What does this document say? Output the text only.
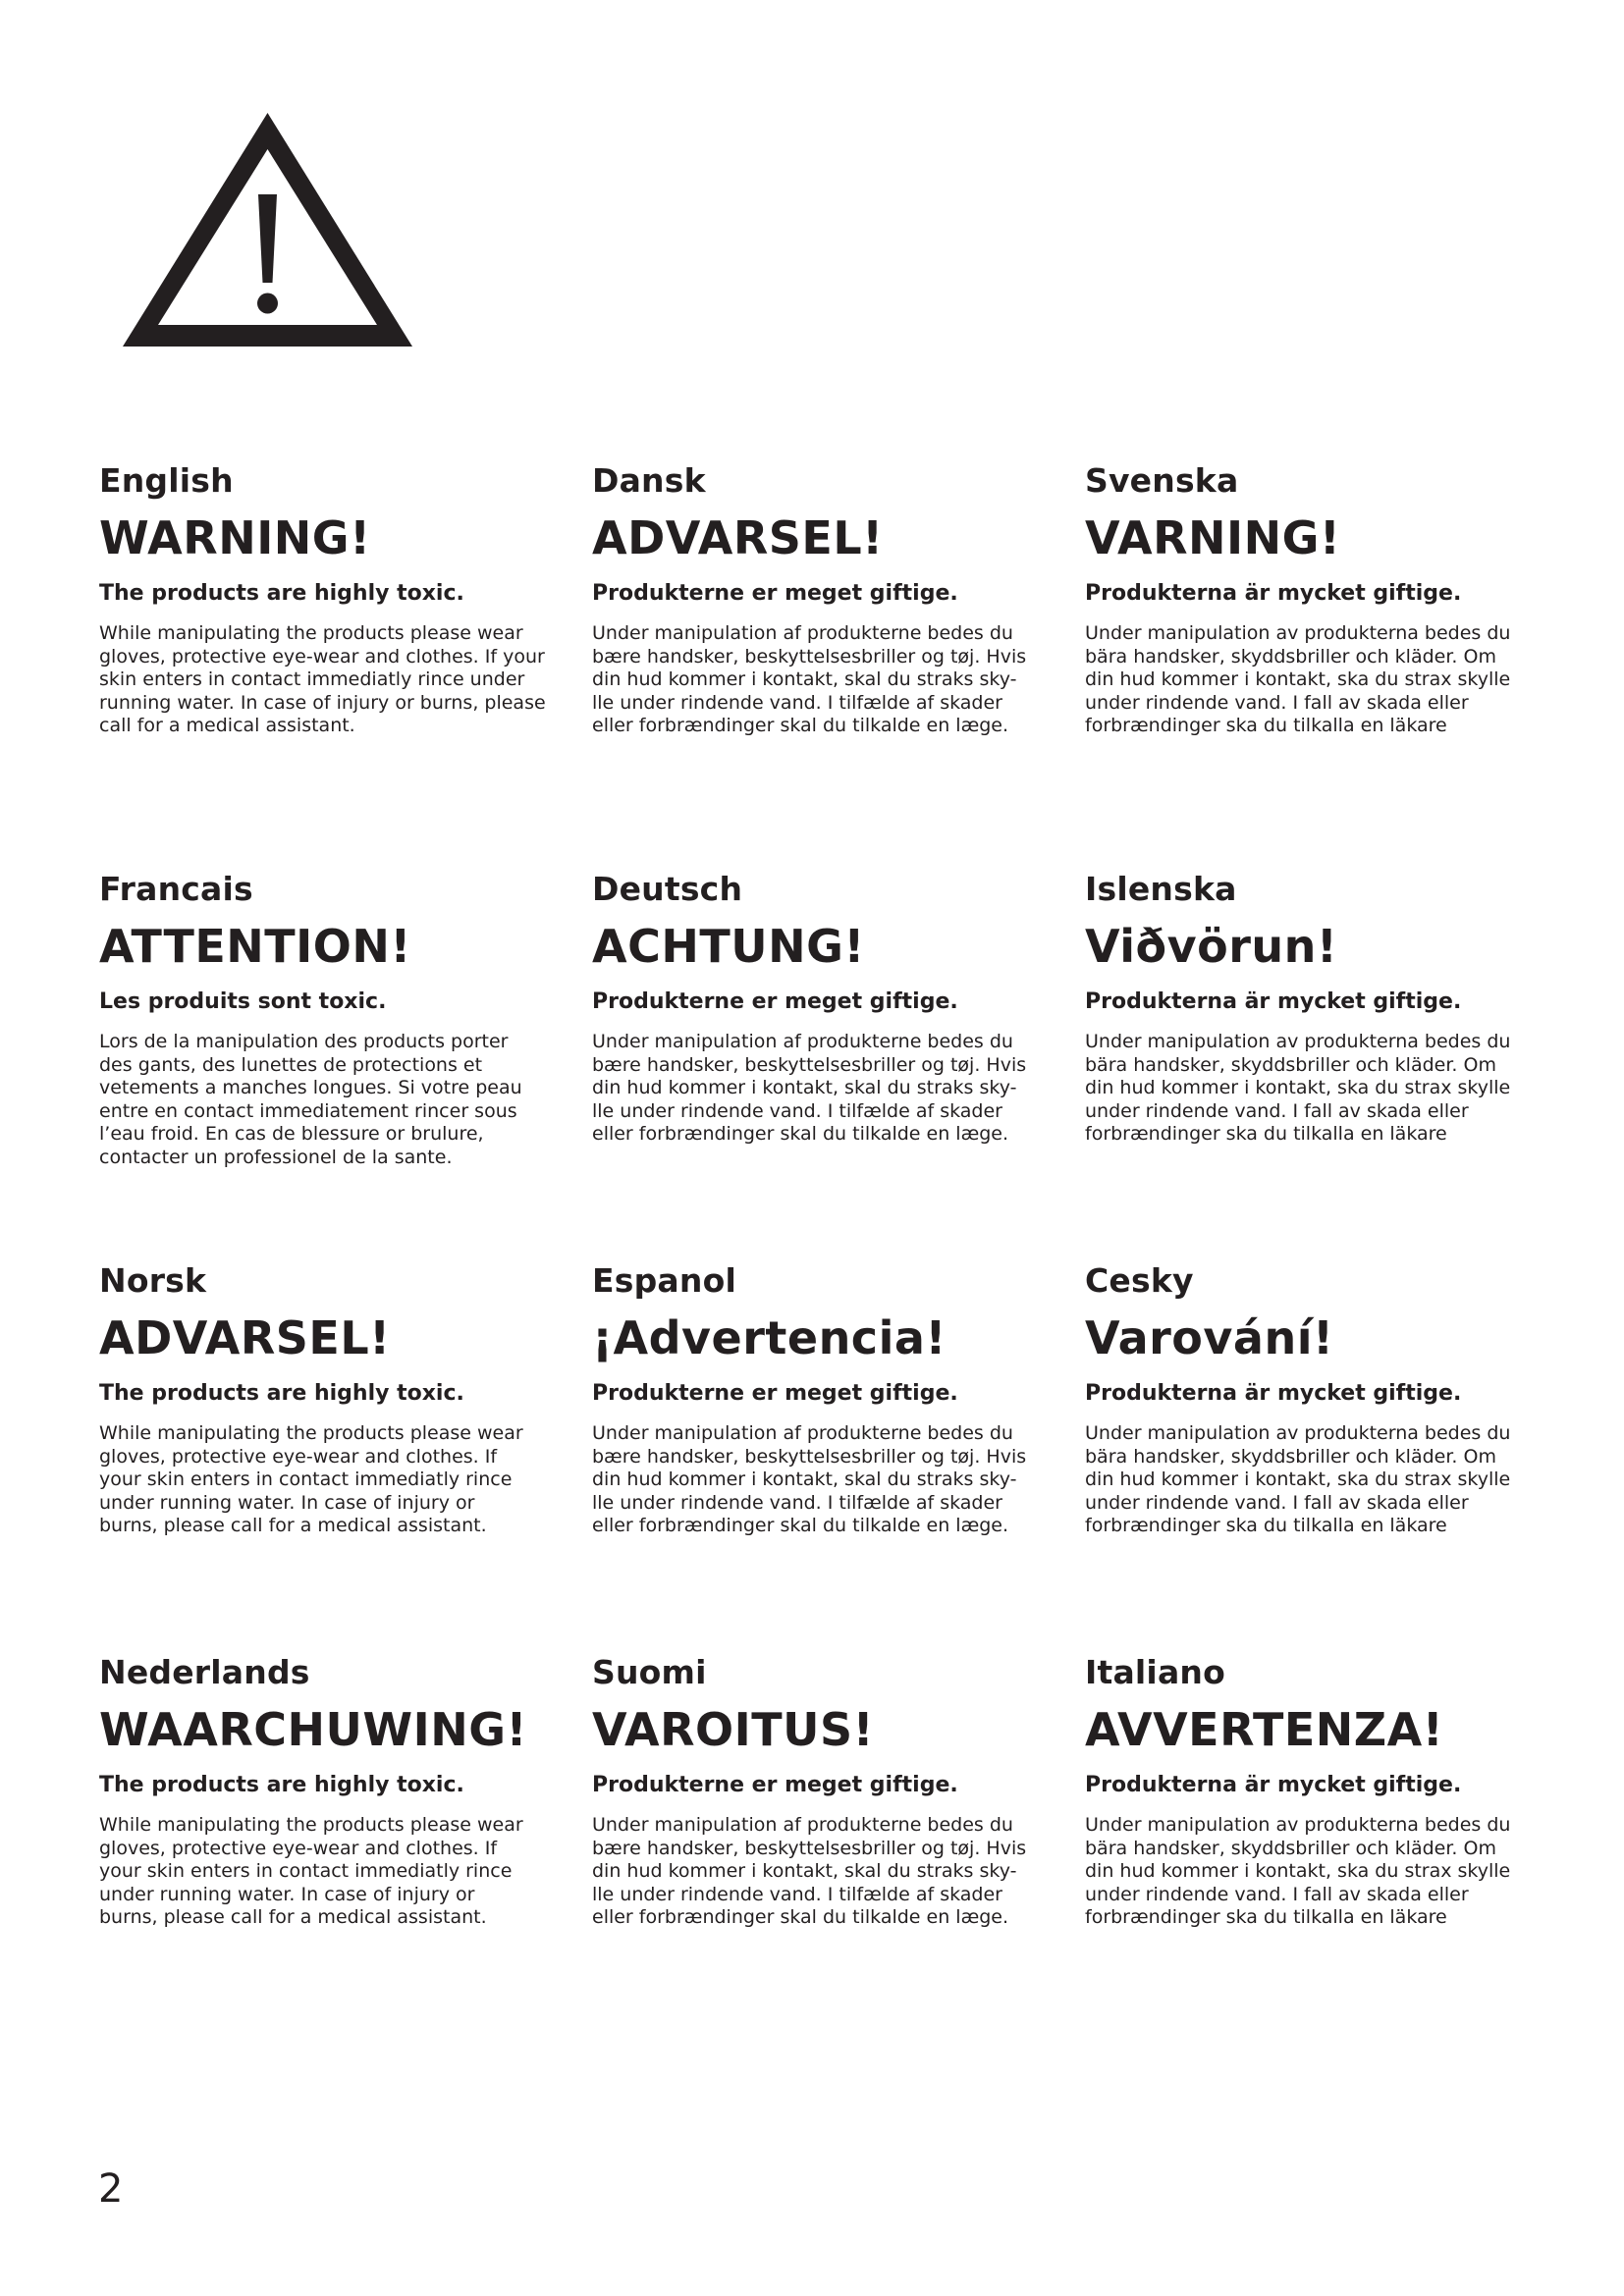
English
WARNING!

The products are highly toxic.

While manipulating the products please wear
gloves, protective eye-wear and clothes. If your
skin enters in contact immediatly rince under
running water. In case of injury or burns, please
call for a medical assistant.

Dansk
ADVARSEL!

Produkterne er meget giftige.

Under manipulation af produkterne bedes du
bære handsker, beskyttelsesbriller og tøj. Hvis
din hud kommer i kontakt, skal du straks sky-
lle under rindende vand. I tilfælde af skader
eller forbrændinger skal du tilkalde en læge.

Svenska
VARNING!

Produkterna är mycket giftige.

Under manipulation av produkterna bedes du
bära handsker, skyddsbriller och kläder. Om
din hud kommer i kontakt, ska du strax skylle
under rindende vand. I fall av skada eller
forbrændinger ska du tilkalla en läkare

Francais
ATTENTION!

Les produits sont toxic.

Lors de la manipulation des products porter
des gants, des lunettes de protections et
vetements a manches longues. Si votre peau
entre en contact immediatement rincer sous
l’eau froid. En cas de blessure or brulure,
contacter un professionel de la sante.

Deutsch
ACHTUNG!

Produkterne er meget giftige.

Under manipulation af produkterne bedes du
bære handsker, beskyttelsesbriller og tøj. Hvis
din hud kommer i kontakt, skal du straks sky-
lle under rindende vand. I tilfælde af skader
eller forbrændinger skal du tilkalde en læge.

Islenska
Viðvörun!

Produkterna är mycket giftige.

Under manipulation av produkterna bedes du
bära handsker, skyddsbriller och kläder. Om
din hud kommer i kontakt, ska du strax skylle
under rindende vand. I fall av skada eller
forbrændinger ska du tilkalla en läkare

Norsk
ADVARSEL!

The products are highly toxic.

While manipulating the products please wear
gloves, protective eye-wear and clothes. If
your skin enters in contact immediatly rince
under running water. In case of injury or
burns, please call for a medical assistant.

Espanol
¡Advertencia!

Produkterne er meget giftige.

Under manipulation af produkterne bedes du
bære handsker, beskyttelsesbriller og tøj. Hvis
din hud kommer i kontakt, skal du straks sky-
lle under rindende vand. I tilfælde af skader
eller forbrændinger skal du tilkalde en læge.

Cesky
Varování!

Produkterna är mycket giftige.

Under manipulation av produkterna bedes du
bära handsker, skyddsbriller och kläder. Om
din hud kommer i kontakt, ska du strax skylle
under rindende vand. I fall av skada eller
forbrændinger ska du tilkalla en läkare

Nederlands
WAARCHUWING!

The products are highly toxic.

While manipulating the products please wear
gloves, protective eye-wear and clothes. If
your skin enters in contact immediatly rince
under running water. In case of injury or
burns, please call for a medical assistant.

Suomi
VAROITUS!

Produkterne er meget giftige.

Under manipulation af produkterne bedes du
bære handsker, beskyttelsesbriller og tøj. Hvis
din hud kommer i kontakt, skal du straks sky-
lle under rindende vand. I tilfælde af skader
eller forbrændinger skal du tilkalde en læge.

Italiano
AVVERTENZA!

Produkterna är mycket giftige.

Under manipulation av produkterna bedes du
bära handsker, skyddsbriller och kläder. Om
din hud kommer i kontakt, ska du strax skylle
under rindende vand. I fall av skada eller
forbrændinger ska du tilkalla en läkare

2
